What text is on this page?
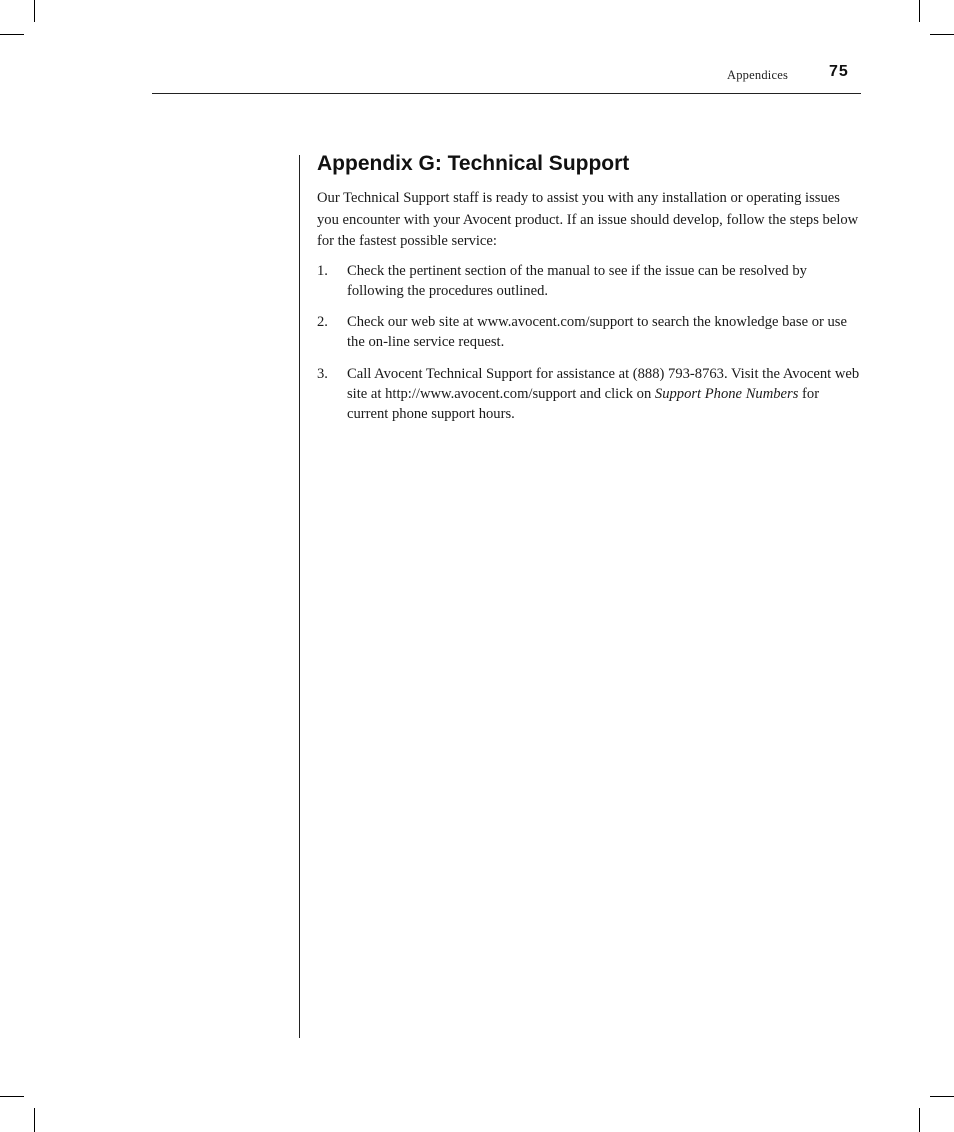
Appendices	75
Appendix G: Technical Support

Our Technical Support staff is ready to assist you with any installation or operating issues you encounter with your Avocent product. If an issue should develop, follow the steps below for the fastest possible service:

1. Check the pertinent section of the manual to see if the issue can be resolved by following the procedures outlined.
2. Check our web site at www.avocent.com/support to search the knowledge base or use the on-line service request.
3. Call Avocent Technical Support for assistance at (888) 793-8763. Visit the Avocent web site at http://www.avocent.com/support and click on Support Phone Numbers for current phone support hours.
